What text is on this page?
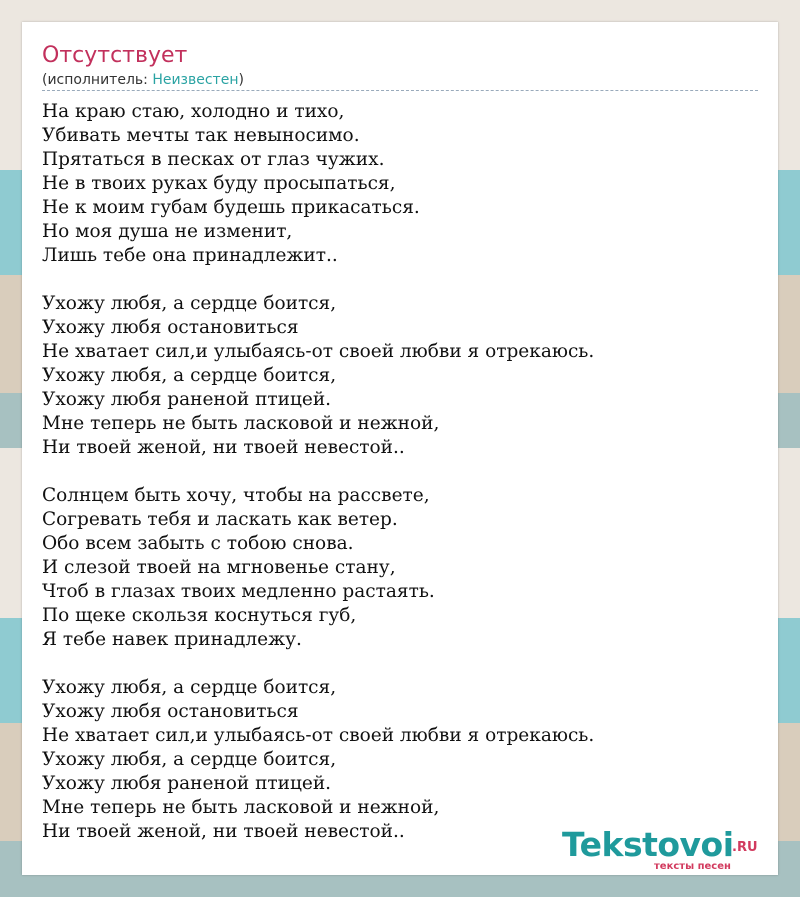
Отсутствует
(исполнитель: Неизвестен)
На краю стаю, холодно и тихо,
Убивать мечты так невыносимо.
Прятаться в песках от глаз чужих.
Не в твоих руках буду просыпаться,
Не к моим губам будешь прикасаться.
Но моя душа не изменит,
Лишь тебе она принадлежит..
Ухожу любя, а сердце боится,
Ухожу любя остановиться
Не хватает сил,и улыбаясь-от своей любви я отрекаюсь.
Ухожу любя, а сердце боится,
Ухожу любя раненой птицей.
Мне теперь не быть ласковой и нежной,
Ни твоей женой, ни твоей невестой..
Солнцем быть хочу, чтобы на рассвете,
Согревать тебя и ласкать как ветер.
Обо всем забыть с тобою снова.
И слезой твоей на мгновенье стану,
Чтоб в глазах твоих медленно растаять.
По щеке скользя коснуться губ,
Я тебе навек принадлежу.
Ухожу любя, а сердце боится,
Ухожу любя остановиться
Не хватает сил,и улыбаясь-от своей любви я отрекаюсь.
Ухожу любя, а сердце боится,
Ухожу любя раненой птицей.
Мне теперь не быть ласковой и нежной,
Ни твоей женой, ни твоей невестой..	Tekstovoi
.RU
тексты песен
